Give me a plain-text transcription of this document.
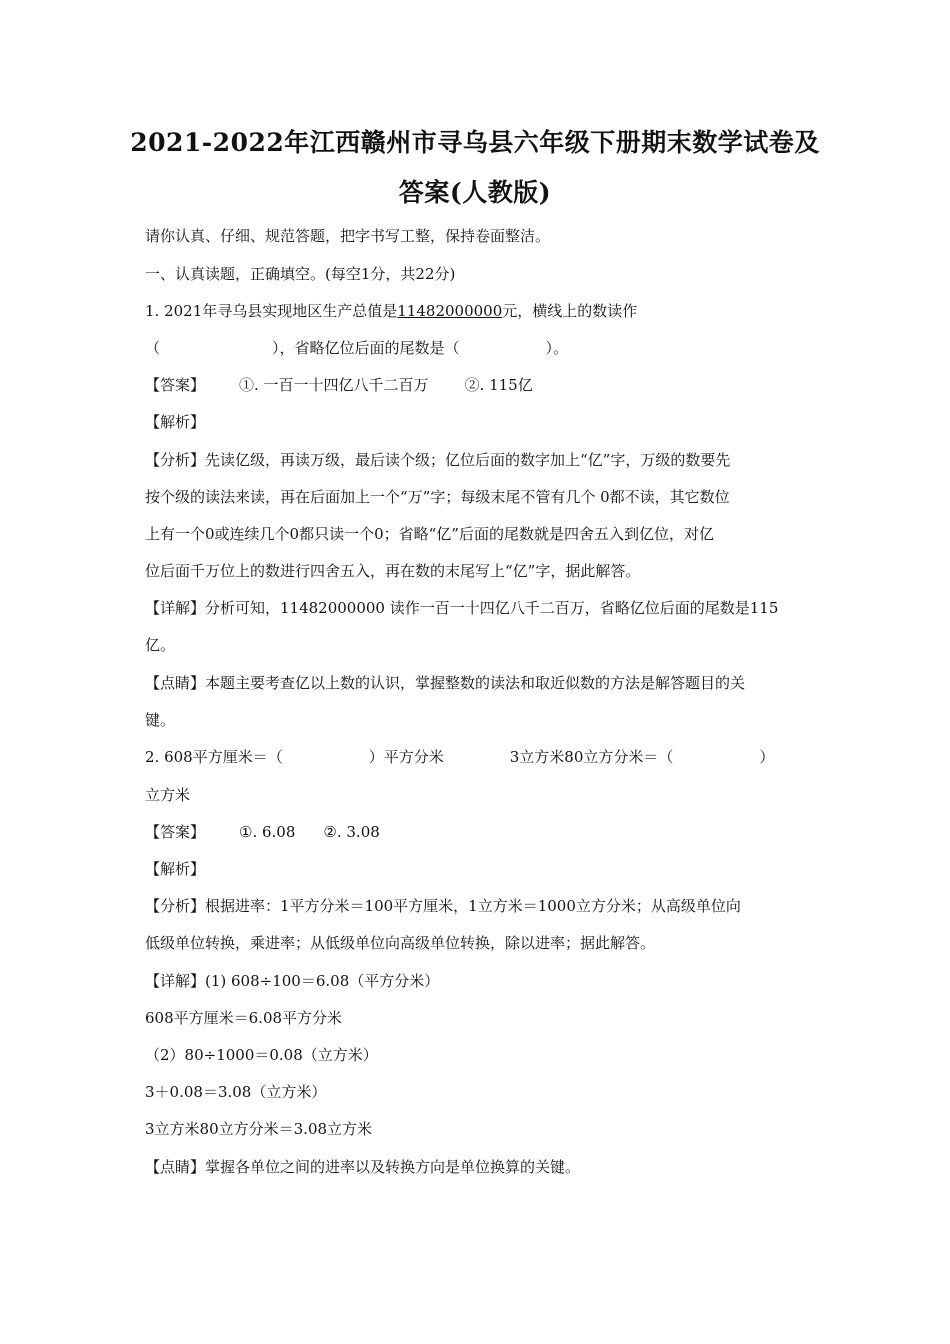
2021-2022年江西赣州市寻乌县六年级下册期末数学试卷及
答案(人教版)
请你认真、仔细、规范答题，把字书写工整，保持卷面整洁。
一、认真读题，正确填空。(每空1分，共22分)
1. 2021年寻乌县实现地区生产总值是11482000000元，横线上的数读作
（	），省略亿位后面的尾数是（	）。
【答案】 ①. 一百一十四亿八千二百万 ②. 115亿
【解析】
【分析】先读亿级，再读万级，最后读个级；亿位后面的数字加上“亿”字，万级的数要先
按个级的读法来读，再在后面加上一个“万”字；每级末尾不管有几个 0都不读，其它数位
上有一个0或连续几个0都只读一个0；省略“亿”后面的尾数就是四舍五入到亿位，对亿
位后面千万位上的数进行四舍五入，再在数的末尾写上“亿”字，据此解答。
【详解】分析可知，11482000000 读作一百一十四亿八千二百万，省略亿位后面的尾数是115
亿。
【点睛】本题主要考查亿以上数的认识，掌握整数的读法和取近似数的方法是解答题目的关
键。
2. 608平方厘米＝（	）平方分米	3立方米80立方分米＝（	）
立方米
【答案】 ①. 6.08 ②. 3.08
【解析】
【分析】根据进率：1平方分米＝100平方厘米，1立方米＝1000立方分米；从高级单位向
低级单位转换，乘进率；从低级单位向高级单位转换，除以进率；据此解答。
【详解】(1) 608÷100＝6.08（平方分米）
608平方厘米＝6.08平方分米
（2）80÷1000＝0.08（立方米）
3＋0.08＝3.08（立方米）
3立方米80立方分米＝3.08立方米
【点睛】掌握各单位之间的进率以及转换方向是单位换算的关键。
